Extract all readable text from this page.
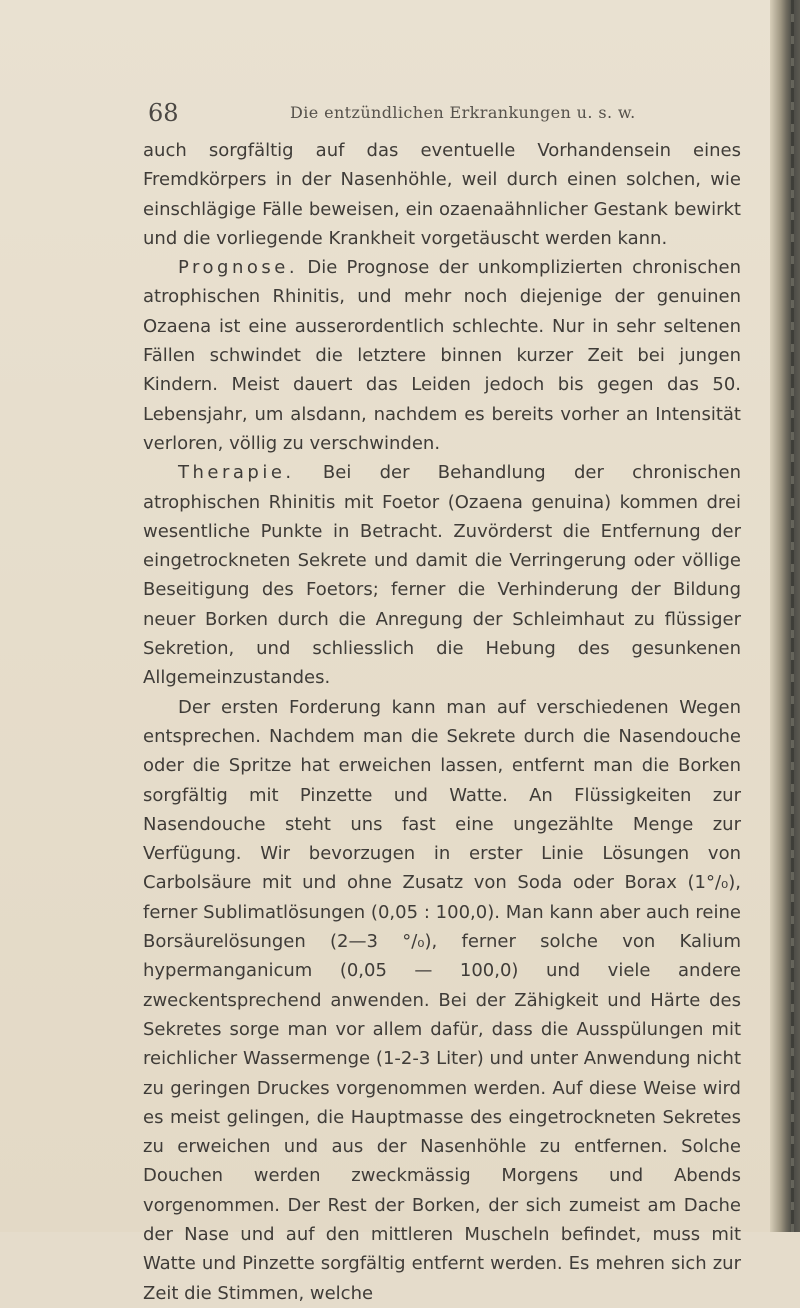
68	Die entzündlichen Erkrankungen u. s. w.

auch sorgfältig auf das eventuelle Vorhandensein eines Fremdkörpers in der Nasenhöhle, weil durch einen solchen, wie einschlägige Fälle beweisen, ein ozaenaähnlicher Gestank bewirkt und die vorliegende Krankheit vorgetäuscht werden kann.

Prognose. Die Prognose der unkomplizierten chronischen atrophischen Rhinitis, und mehr noch diejenige der genuinen Ozaena ist eine ausserordentlich schlechte. Nur in sehr seltenen Fällen schwindet die letztere binnen kurzer Zeit bei jungen Kindern. Meist dauert das Leiden jedoch bis gegen das 50. Lebensjahr, um alsdann, nachdem es bereits vorher an Intensität verloren, völlig zu verschwinden.

Therapie. Bei der Behandlung der chronischen atrophischen Rhinitis mit Foetor (Ozaena genuina) kommen drei wesentliche Punkte in Betracht. Zuvörderst die Entfernung der eingetrockneten Sekrete und damit die Verringerung oder völlige Beseitigung des Foetors; ferner die Verhinderung der Bildung neuer Borken durch die Anregung der Schleimhaut zu flüssiger Sekretion, und schliesslich die Hebung des gesunkenen Allgemeinzustandes.

Der ersten Forderung kann man auf verschiedenen Wegen entsprechen. Nachdem man die Sekrete durch die Nasendouche oder die Spritze hat erweichen lassen, entfernt man die Borken sorgfältig mit Pinzette und Watte. An Flüssigkeiten zur Nasendouche steht uns fast eine ungezählte Menge zur Verfügung. Wir bevorzugen in erster Linie Lösungen von Carbolsäure mit und ohne Zusatz von Soda oder Borax (1°/₀), ferner Sublimatlösungen (0,05 : 100,0). Man kann aber auch reine Borsäurelösungen (2—3 °/₀), ferner solche von Kalium hypermanganicum (0,05 — 100,0) und viele andere zweckentsprechend anwenden. Bei der Zähigkeit und Härte des Sekretes sorge man vor allem dafür, dass die Ausspülungen mit reichlicher Wassermenge (1-2-3 Liter) und unter Anwendung nicht zu geringen Druckes vorgenommen werden. Auf diese Weise wird es meist gelingen, die Hauptmasse des eingetrockneten Sekretes zu erweichen und aus der Nasenhöhle zu entfernen. Solche Douchen werden zweckmässig Morgens und Abends vorgenommen. Der Rest der Borken, der sich zumeist am Dache der Nase und auf den mittleren Muscheln befindet, muss mit Watte und Pinzette sorgfältig entfernt werden. Es mehren sich zur Zeit die Stimmen, welche
